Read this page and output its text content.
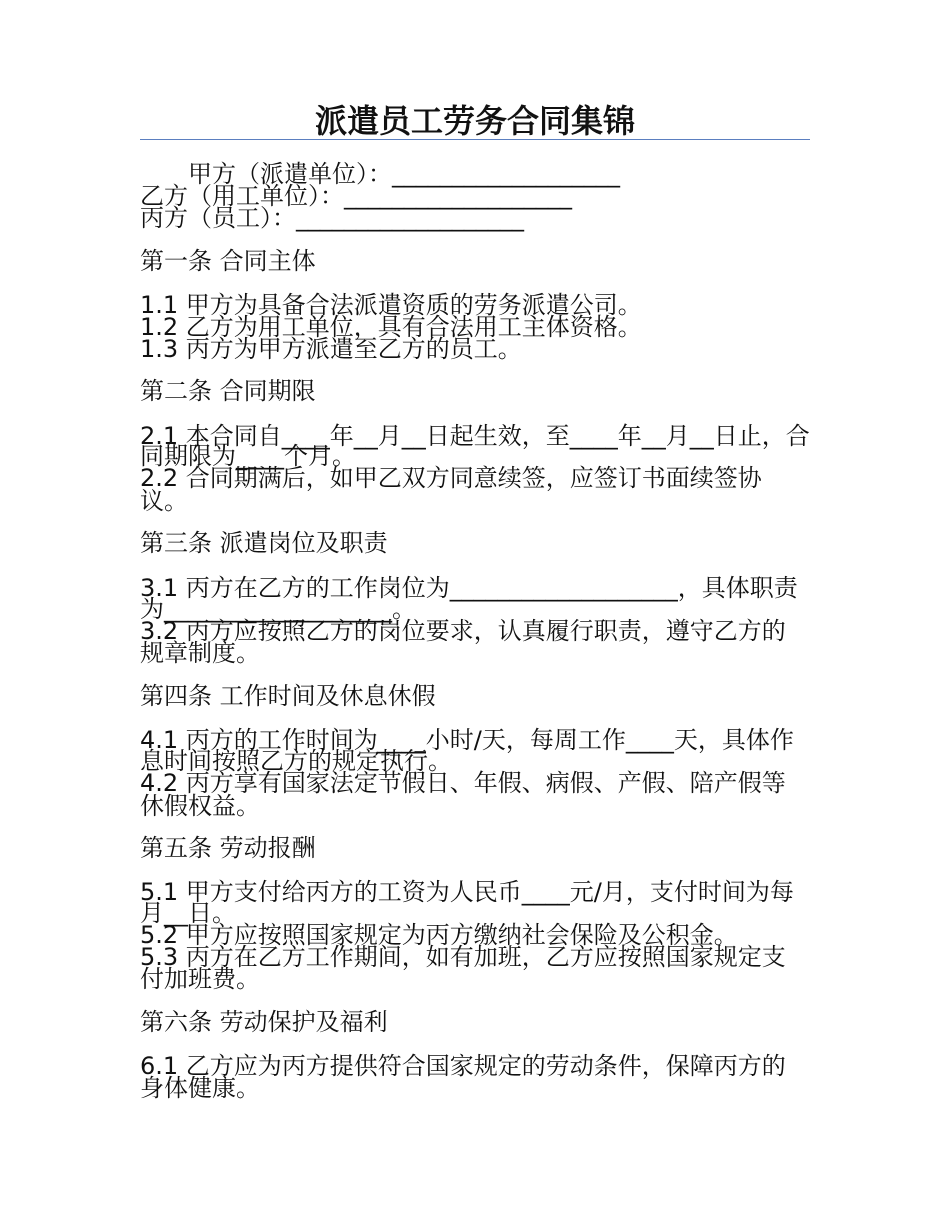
派遣员工劳务合同集锦
甲方（派遣单位）：___________________
乙方（用工单位）：___________________
丙方（员工）：___________________
第一条 合同主体
1.1 甲方为具备合法派遣资质的劳务派遣公司。
1.2 乙方为用工单位，具有合法用工主体资格。
1.3 丙方为甲方派遣至乙方的员工。
第二条 合同期限
2.1 本合同自____年__月__日起生效，至____年__月__日止，合
同期限为____个月。
2.2 合同期满后，如甲乙双方同意续签，应签订书面续签协
议。
第三条 派遣岗位及职责
3.1 丙方在乙方的工作岗位为___________________，具体职责
为___________________。
3.2 丙方应按照乙方的岗位要求，认真履行职责，遵守乙方的
规章制度。
第四条 工作时间及休息休假
4.1 丙方的工作时间为____小时/天，每周工作____天，具体作
息时间按照乙方的规定执行。
4.2 丙方享有国家法定节假日、年假、病假、产假、陪产假等
休假权益。
第五条 劳动报酬
5.1 甲方支付给丙方的工资为人民币____元/月，支付时间为每
月__日。
5.2 甲方应按照国家规定为丙方缴纳社会保险及公积金。
5.3 丙方在乙方工作期间，如有加班，乙方应按照国家规定支
付加班费。
第六条 劳动保护及福利
6.1 乙方应为丙方提供符合国家规定的劳动条件，保障丙方的
身体健康。
